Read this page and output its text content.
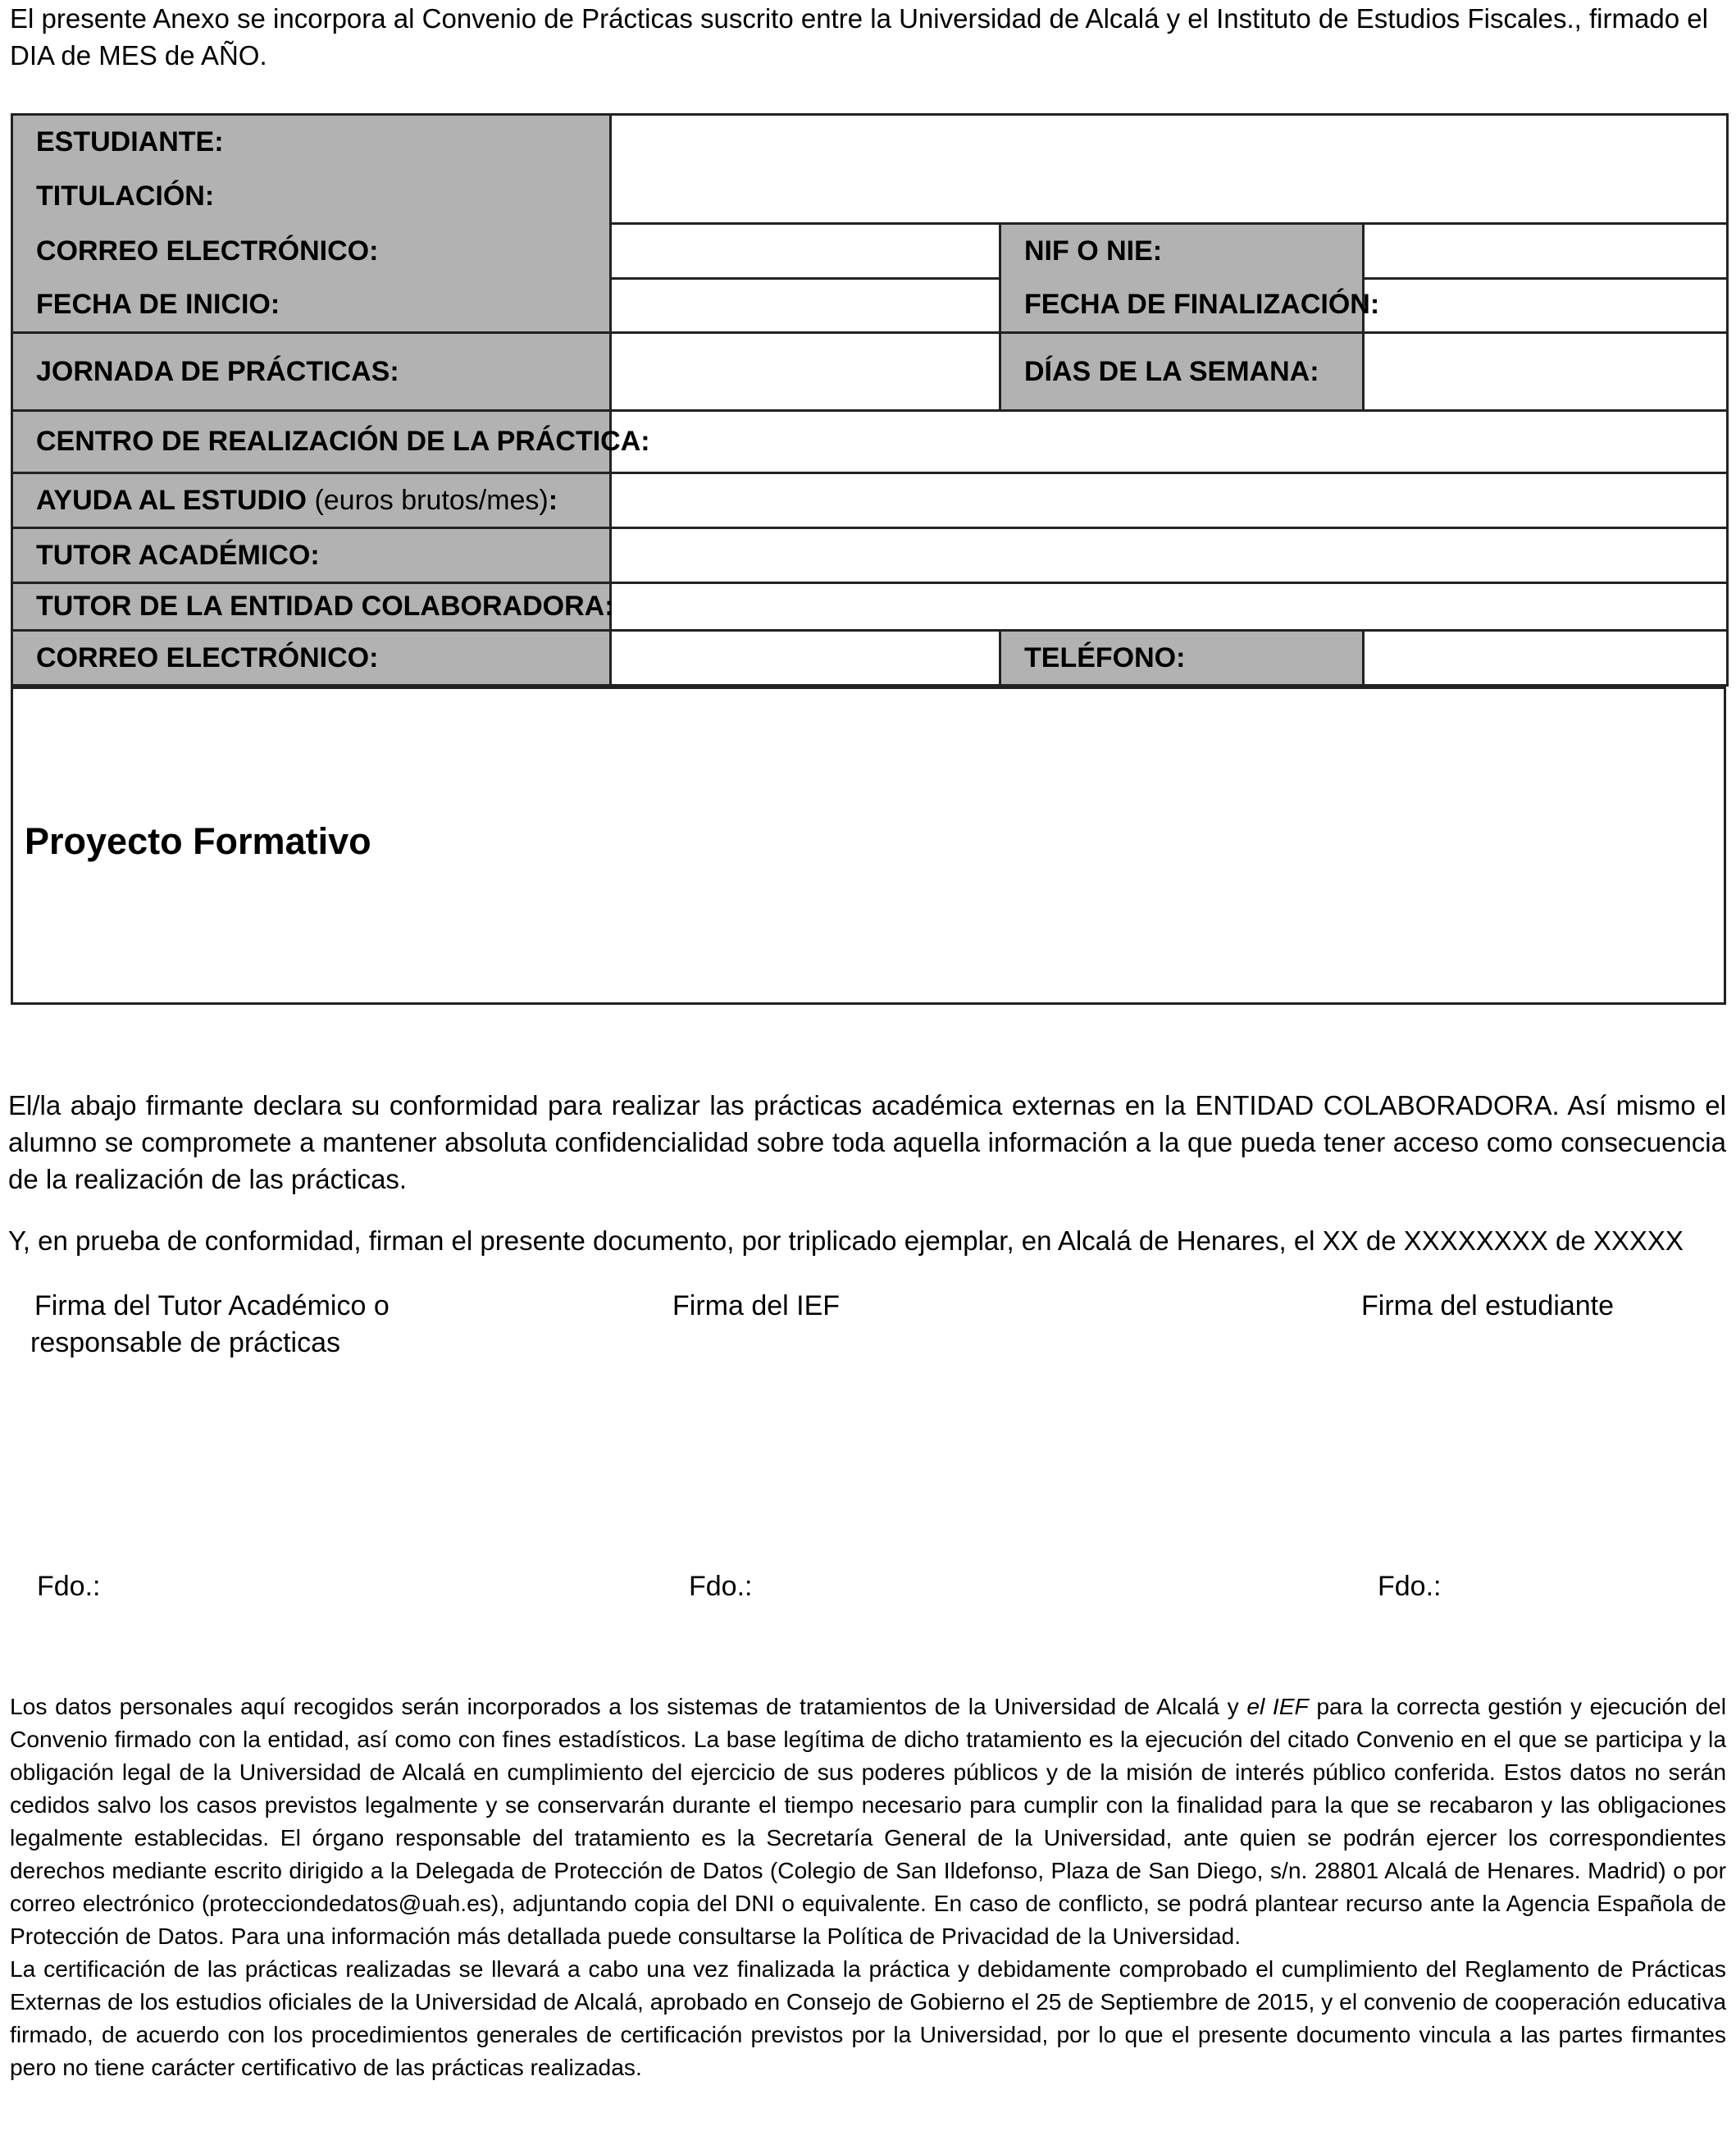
El presente Anexo se incorpora al Convenio de Prácticas suscrito entre la Universidad de Alcalá y el Instituto de Estudios Fiscales., firmado el DIA de MES de AÑO.
ESTUDIANTE:			
TITULACIÓN:			
CORREO ELECTRÓNICO:		NIF O NIE:	
FECHA DE INICIO:		FECHA DE FINALIZACIÓN:	
JORNADA DE PRÁCTICAS:		DÍAS DE LA SEMANA:	
CENTRO DE REALIZACIÓN DE LA PRÁCTICA:			
AYUDA AL ESTUDIO (euros brutos/mes):			
TUTOR ACADÉMICO:			
TUTOR DE LA ENTIDAD COLABORADORA:			
CORREO ELECTRÓNICO:		TELÉFONO:	
Proyecto Formativo
El/la abajo firmante declara su conformidad para realizar las prácticas académica externas en la ENTIDAD COLABORADORA. Así mismo el alumno se compromete a mantener absoluta confidencialidad sobre toda aquella información a la que pueda tener acceso como consecuencia de la realización de las prácticas.
Y, en prueba de conformidad, firman el presente documento, por triplicado ejemplar, en Alcalá de Henares, el XX de XXXXXXXX de XXXXX
Firma del Tutor Académico o
responsable de prácticas
Firma del IEF	Firma del estudiante
Fdo.:	Fdo.:	Fdo.:

Los datos personales aquí recogidos serán incorporados a los sistemas de tratamientos de la Universidad de Alcalá y el IEF para la correcta gestión y ejecución del Convenio firmado con la entidad, así como con fines estadísticos. La base legítima de dicho tratamiento es la ejecución del citado Convenio en el que se participa y la obligación legal de la Universidad de Alcalá en cumplimiento del ejercicio de sus poderes públicos y de la misión de interés público conferida. Estos datos no serán cedidos salvo los casos previstos legalmente y se conservarán durante el tiempo necesario para cumplir con la finalidad para la que se recabaron y las obligaciones legalmente establecidas. El órgano responsable del tratamiento es la Secretaría General de la Universidad, ante quien se podrán ejercer los correspondientes derechos mediante escrito dirigido a la Delegada de Protección de Datos (Colegio de San Ildefonso, Plaza de San Diego, s/n. 28801 Alcalá de Henares. Madrid) o por correo electrónico (protecciondedatos@uah.es), adjuntando copia del DNI o equivalente. En caso de conflicto, se podrá plantear recurso ante la Agencia Española de Protección de Datos. Para una información más detallada puede consultarse la Política de Privacidad de la Universidad.

La certificación de las prácticas realizadas se llevará a cabo una vez finalizada la práctica y debidamente comprobado el cumplimiento del Reglamento de Prácticas Externas de los estudios oficiales de la Universidad de Alcalá, aprobado en Consejo de Gobierno el 25 de Septiembre de 2015, y el convenio de cooperación educativa firmado, de acuerdo con los procedimientos generales de certificación previstos por la Universidad, por lo que el presente documento vincula a las partes firmantes pero no tiene carácter certificativo de las prácticas realizadas.
